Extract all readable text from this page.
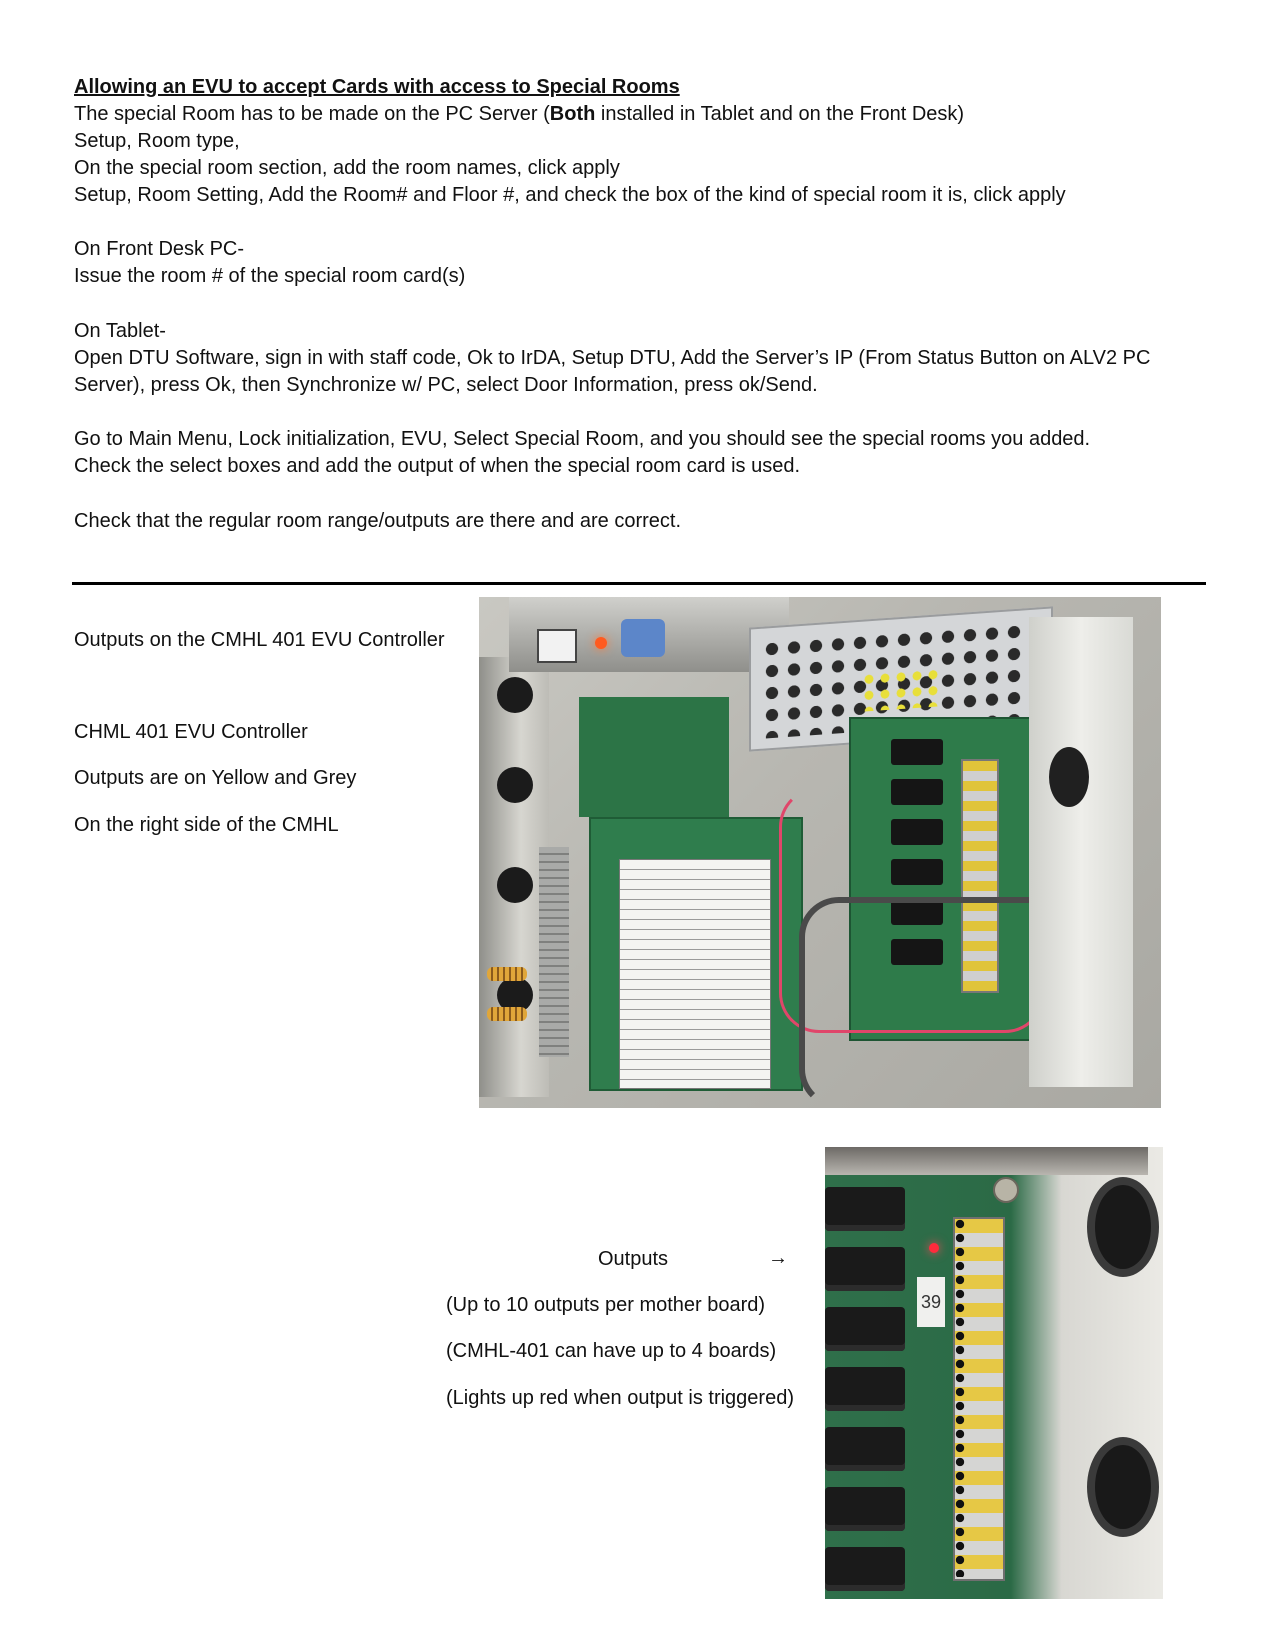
Allowing an EVU to accept Cards with access to Special Rooms

The special Room has to be made on the PC Server (Both installed in Tablet and on the Front Desk)

Setup, Room type,

On the special room section, add the room names, click apply

Setup, Room Setting, Add the Room# and Floor #, and check the box of the kind of special room it is, click apply

On Front Desk PC-

Issue the room # of the special room card(s)

On Tablet-

Open DTU Software, sign in with staff code, Ok to IrDA, Setup DTU, Add the Server’s IP (From Status Button on ALV2 PC

Server), press Ok, then Synchronize w/ PC, select Door Information, press ok/Send.

Go to Main Menu, Lock initialization, EVU, Select Special Room, and you should see the special rooms you added.

Check the select boxes and add the output of when the special room card is used.

Check that the regular room range/outputs are there and are correct.

Outputs on the CMHL 401 EVU Controller

CHML 401 EVU Controller

Outputs are on Yellow and Grey

On the right side of the CMHL

Outputs	→

(Up to 10 outputs per mother board)

(CMHL-401 can have up to 4 boards)

(Lights up red when output is triggered)

39
